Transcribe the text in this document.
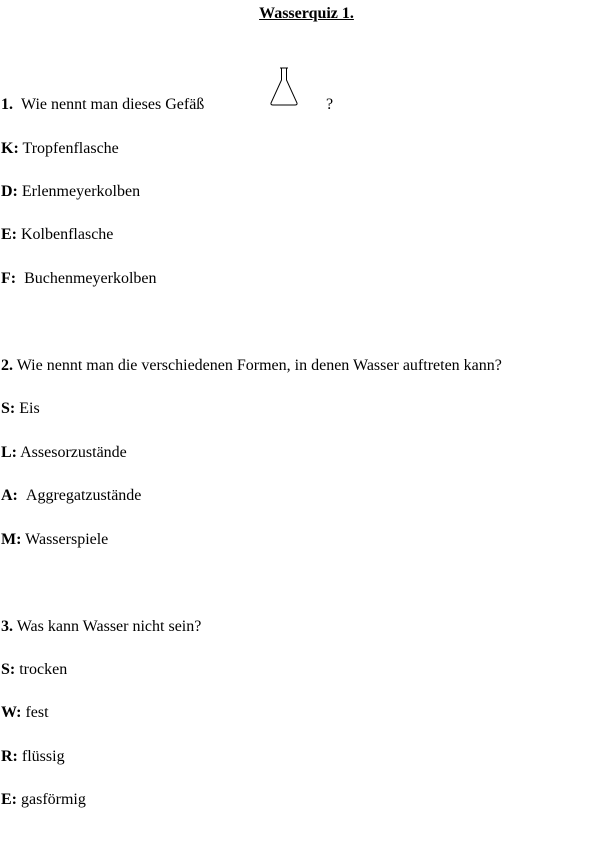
Wasserquiz 1.
1. Wie nennt man dieses Gefäß	?
K: Tropfenflasche
D: Erlenmeyerkolben
E: Kolbenflasche
F: Buchenmeyerkolben
2. Wie nennt man die verschiedenen Formen, in denen Wasser auftreten kann?
S: Eis
L: Assesorzustände
A: Aggregatzustände
M: Wasserspiele
3. Was kann Wasser nicht sein?
S: trocken
W: fest
R: flüssig
E: gasförmig
